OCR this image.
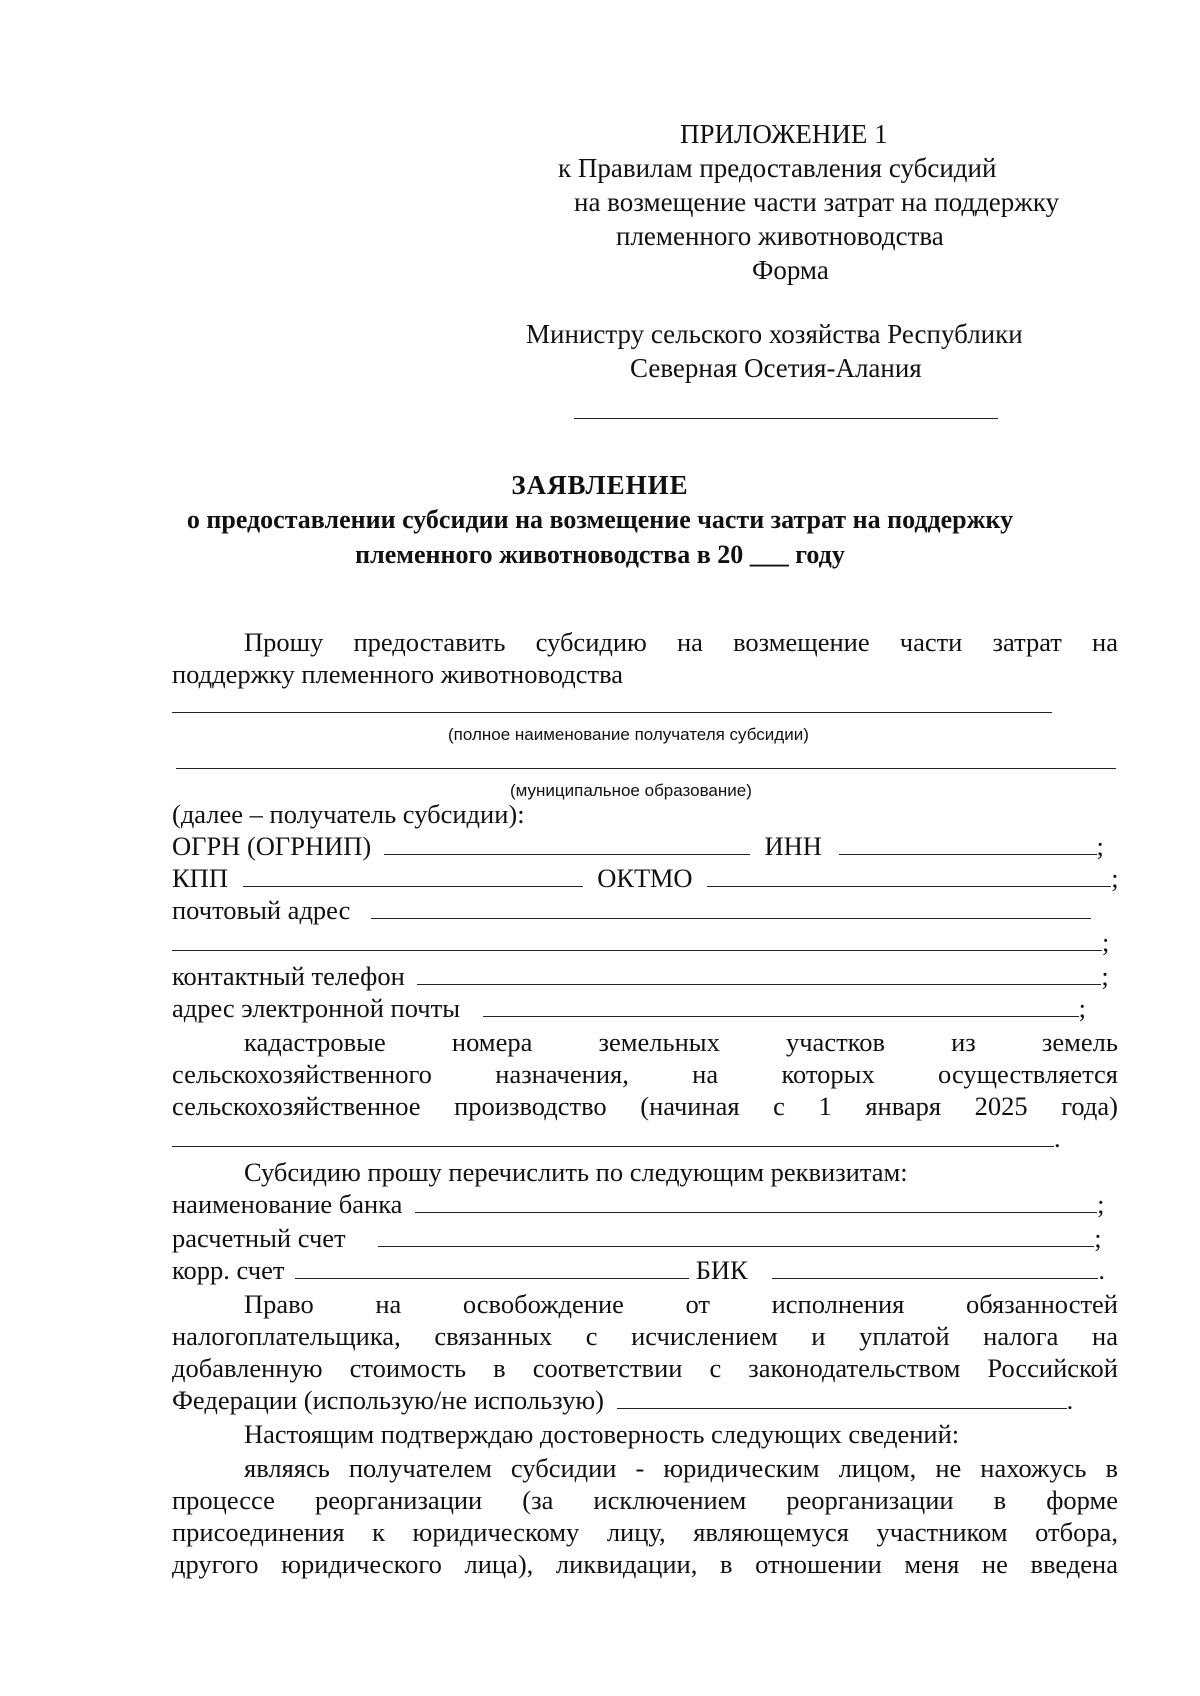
ПРИЛОЖЕНИЕ 1
к Правилам предоставления субсидий
на возмещение части затрат на поддержку
племенного животноводства
Форма
Министру сельского хозяйства Республики
Северная Осетия-Алания
ЗАЯВЛЕНИЕ
о предоставлении субсидии на возмещение части затрат на поддержку
племенного животноводства в 20 ___ году
Прошу предоставить субсидию на возмещение части затрат на
поддержку племенного животноводства
(полное наименование получателя субсидии)
(муниципальное образование)
(далее – получатель субсидии):
ОГРН (ОГРНИП)	ИНН	;
КПП	ОКТМО	;
почтовый адрес
;
контактный телефон	;
адрес электронной почты	;
кадастровые номера земельных участков из земель
сельскохозяйственного назначения, на которых осуществляется
сельскохозяйственное производство (начиная с 1 января 2025 года)
.
Субсидию прошу перечислить по следующим реквизитам:
наименование банка	;
расчетный счет	;
корр. счет	БИК	.
Право на освобождение от исполнения обязанностей
налогоплательщика, связанных с исчислением и уплатой налога на
добавленную стоимость в соответствии с законодательством Российской
Федерации (использую/не использую)	.
Настоящим подтверждаю достоверность следующих сведений:
являясь получателем субсидии - юридическим лицом, не нахожусь в
процессе реорганизации (за исключением реорганизации в форме
присоединения к юридическому лицу, являющемуся участником отбора,
другого юридического лица), ликвидации, в отношении меня не введена
